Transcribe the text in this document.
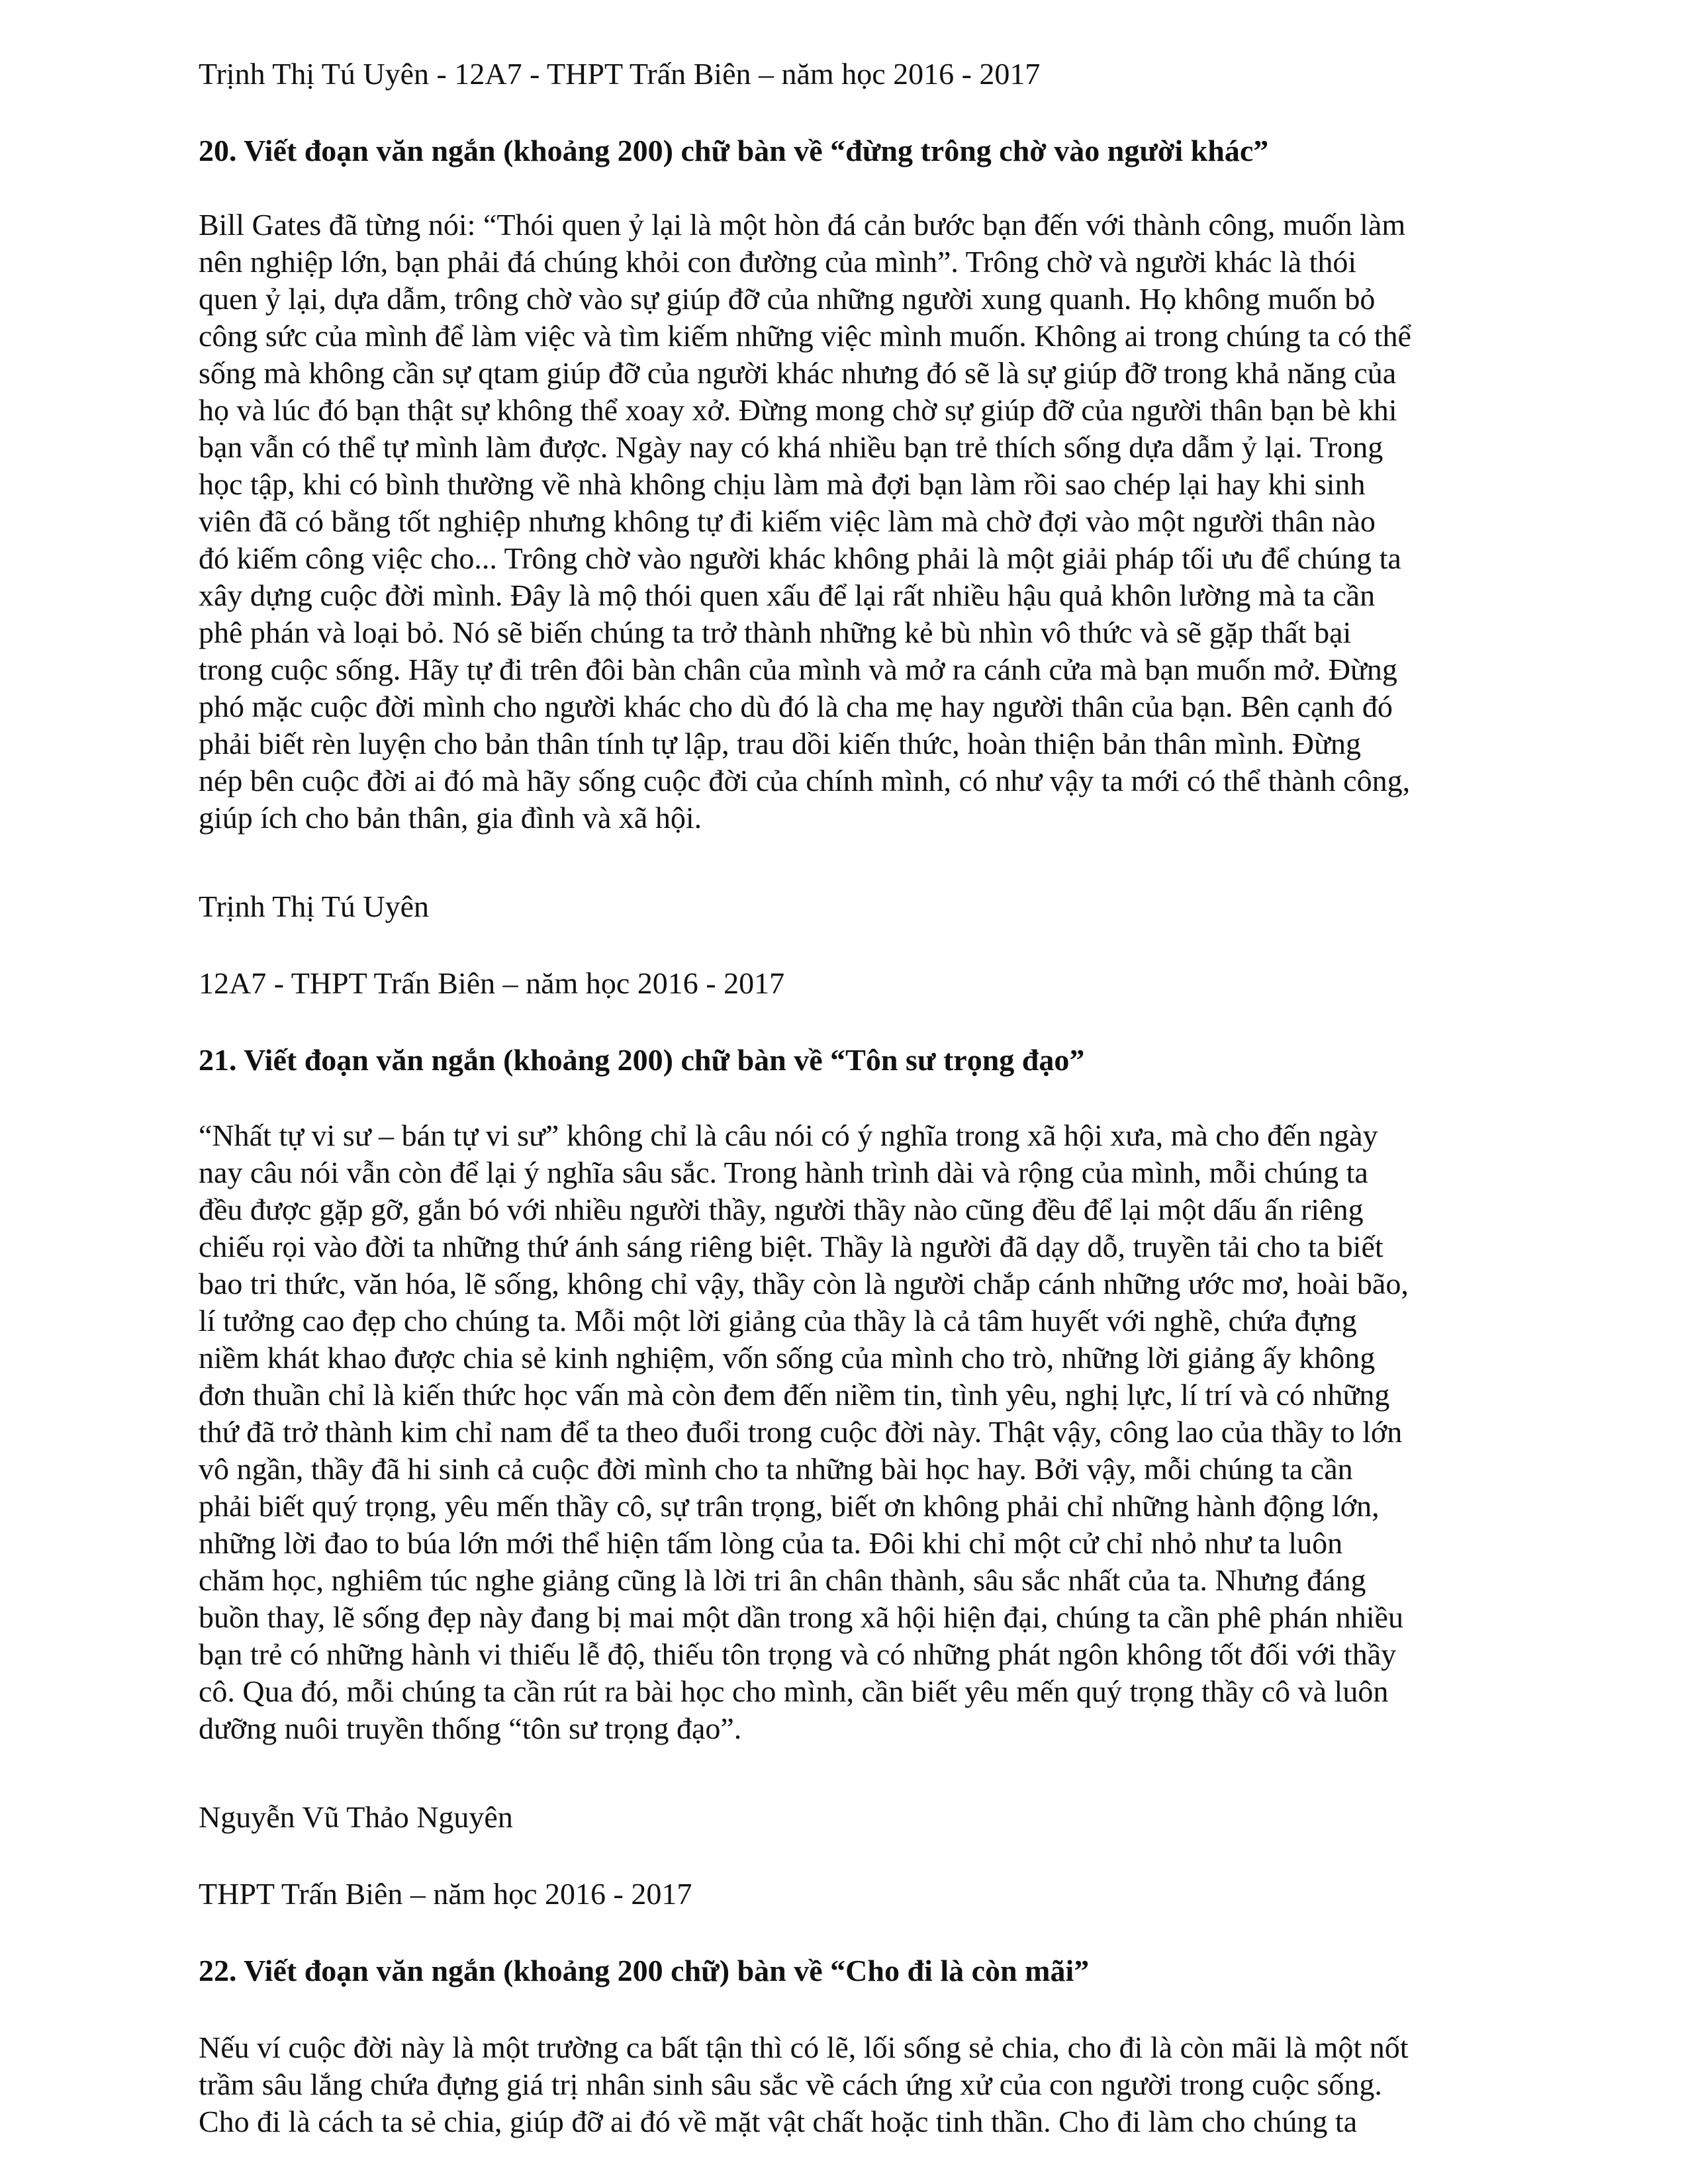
Trịnh Thị Tú Uyên - 12A7 - THPT Trấn Biên – năm học 2016 - 2017

20. Viết đoạn văn ngắn (khoảng 200) chữ bàn về “đừng trông chờ vào người khác”

Bill Gates đã từng nói: “Thói quen ỷ lại là một hòn đá cản bước bạn đến với thành công, muốn làm
nên nghiệp lớn, bạn phải đá chúng khỏi con đường của mình”. Trông chờ và người khác là thói
quen ỷ lại, dựa dẫm, trông chờ vào sự giúp đỡ của những người xung quanh. Họ không muốn bỏ
công sức của mình để làm việc và tìm kiếm những việc mình muốn. Không ai trong chúng ta có thể
sống mà không cần sự qtam giúp đỡ của người khác nhưng đó sẽ là sự giúp đỡ trong khả năng của
họ và lúc đó bạn thật sự không thể xoay xở. Đừng mong chờ sự giúp đỡ của người thân bạn bè khi
bạn vẫn có thể tự mình làm được. Ngày nay có khá nhiều bạn trẻ thích sống dựa dẫm ỷ lại. Trong
học tập, khi có bình thường về nhà không chịu làm mà đợi bạn làm rồi sao chép lại hay khi sinh
viên đã có bằng tốt nghiệp nhưng không tự đi kiếm việc làm mà chờ đợi vào một người thân nào
đó kiếm công việc cho... Trông chờ vào người khác không phải là một giải pháp tối ưu để chúng ta
xây dựng cuộc đời mình. Đây là mộ thói quen xấu để lại rất nhiều hậu quả khôn lường mà ta cần
phê phán và loại bỏ. Nó sẽ biến chúng ta trở thành những kẻ bù nhìn vô thức và sẽ gặp thất bại
trong cuộc sống. Hãy tự đi trên đôi bàn chân của mình và mở ra cánh cửa mà bạn muốn mở. Đừng
phó mặc cuộc đời mình cho người khác cho dù đó là cha mẹ hay người thân của bạn. Bên cạnh đó
phải biết rèn luyện cho bản thân tính tự lập, trau dồi kiến thức, hoàn thiện bản thân mình. Đừng
nép bên cuộc đời ai đó mà hãy sống cuộc đời của chính mình, có như vậy ta mới có thể thành công,
giúp ích cho bản thân, gia đình và xã hội.

Trịnh Thị Tú Uyên

12A7 - THPT Trấn Biên – năm học 2016 - 2017

21. Viết đoạn văn ngắn (khoảng 200) chữ bàn về “Tôn sư trọng đạo”

“Nhất tự vi sư – bán tự vi sư” không chỉ là câu nói có ý nghĩa trong xã hội xưa, mà cho đến ngày
nay câu nói vẫn còn để lại ý nghĩa sâu sắc. Trong hành trình dài và rộng của mình, mỗi chúng ta
đều được gặp gỡ, gắn bó với nhiều người thầy, người thầy nào cũng đều để lại một dấu ấn riêng
chiếu rọi vào đời ta những thứ ánh sáng riêng biệt. Thầy là người đã dạy dỗ, truyền tải cho ta biết
bao tri thức, văn hóa, lẽ sống, không chỉ vậy, thầy còn là người chắp cánh những ước mơ, hoài bão,
lí tưởng cao đẹp cho chúng ta. Mỗi một lời giảng của thầy là cả tâm huyết với nghề, chứa đựng
niềm khát khao được chia sẻ kinh nghiệm, vốn sống của mình cho trò, những lời giảng ấy không
đơn thuần chỉ là kiến thức học vấn mà còn đem đến niềm tin, tình yêu, nghị lực, lí trí và có những
thứ đã trở thành kim chỉ nam để ta theo đuổi trong cuộc đời này. Thật vậy, công lao của thầy to lớn
vô ngần, thầy đã hi sinh cả cuộc đời mình cho ta những bài học hay. Bởi vậy, mỗi chúng ta cần
phải biết quý trọng, yêu mến thầy cô, sự trân trọng, biết ơn không phải chỉ những hành động lớn,
những lời đao to búa lớn mới thể hiện tấm lòng của ta. Đôi khi chỉ một cử chỉ nhỏ như ta luôn
chăm học, nghiêm túc nghe giảng cũng là lời tri ân chân thành, sâu sắc nhất của ta. Nhưng đáng
buồn thay, lẽ sống đẹp này đang bị mai một dần trong xã hội hiện đại, chúng ta cần phê phán nhiều
bạn trẻ có những hành vi thiếu lễ độ, thiếu tôn trọng và có những phát ngôn không tốt đối với thầy
cô. Qua đó, mỗi chúng ta cần rút ra bài học cho mình, cần biết yêu mến quý trọng thầy cô và luôn
dưỡng nuôi truyền thống “tôn sư trọng đạo”.

Nguyễn Vũ Thảo Nguyên

THPT Trấn Biên – năm học 2016 - 2017

22. Viết đoạn văn ngắn (khoảng 200 chữ) bàn về “Cho đi là còn mãi”

Nếu ví cuộc đời này là một trường ca bất tận thì có lẽ, lối sống sẻ chia, cho đi là còn mãi là một nốt
trầm sâu lắng chứa đựng giá trị nhân sinh sâu sắc về cách ứng xử của con người trong cuộc sống.
Cho đi là cách ta sẻ chia, giúp đỡ ai đó về mặt vật chất hoặc tinh thần. Cho đi làm cho chúng ta
